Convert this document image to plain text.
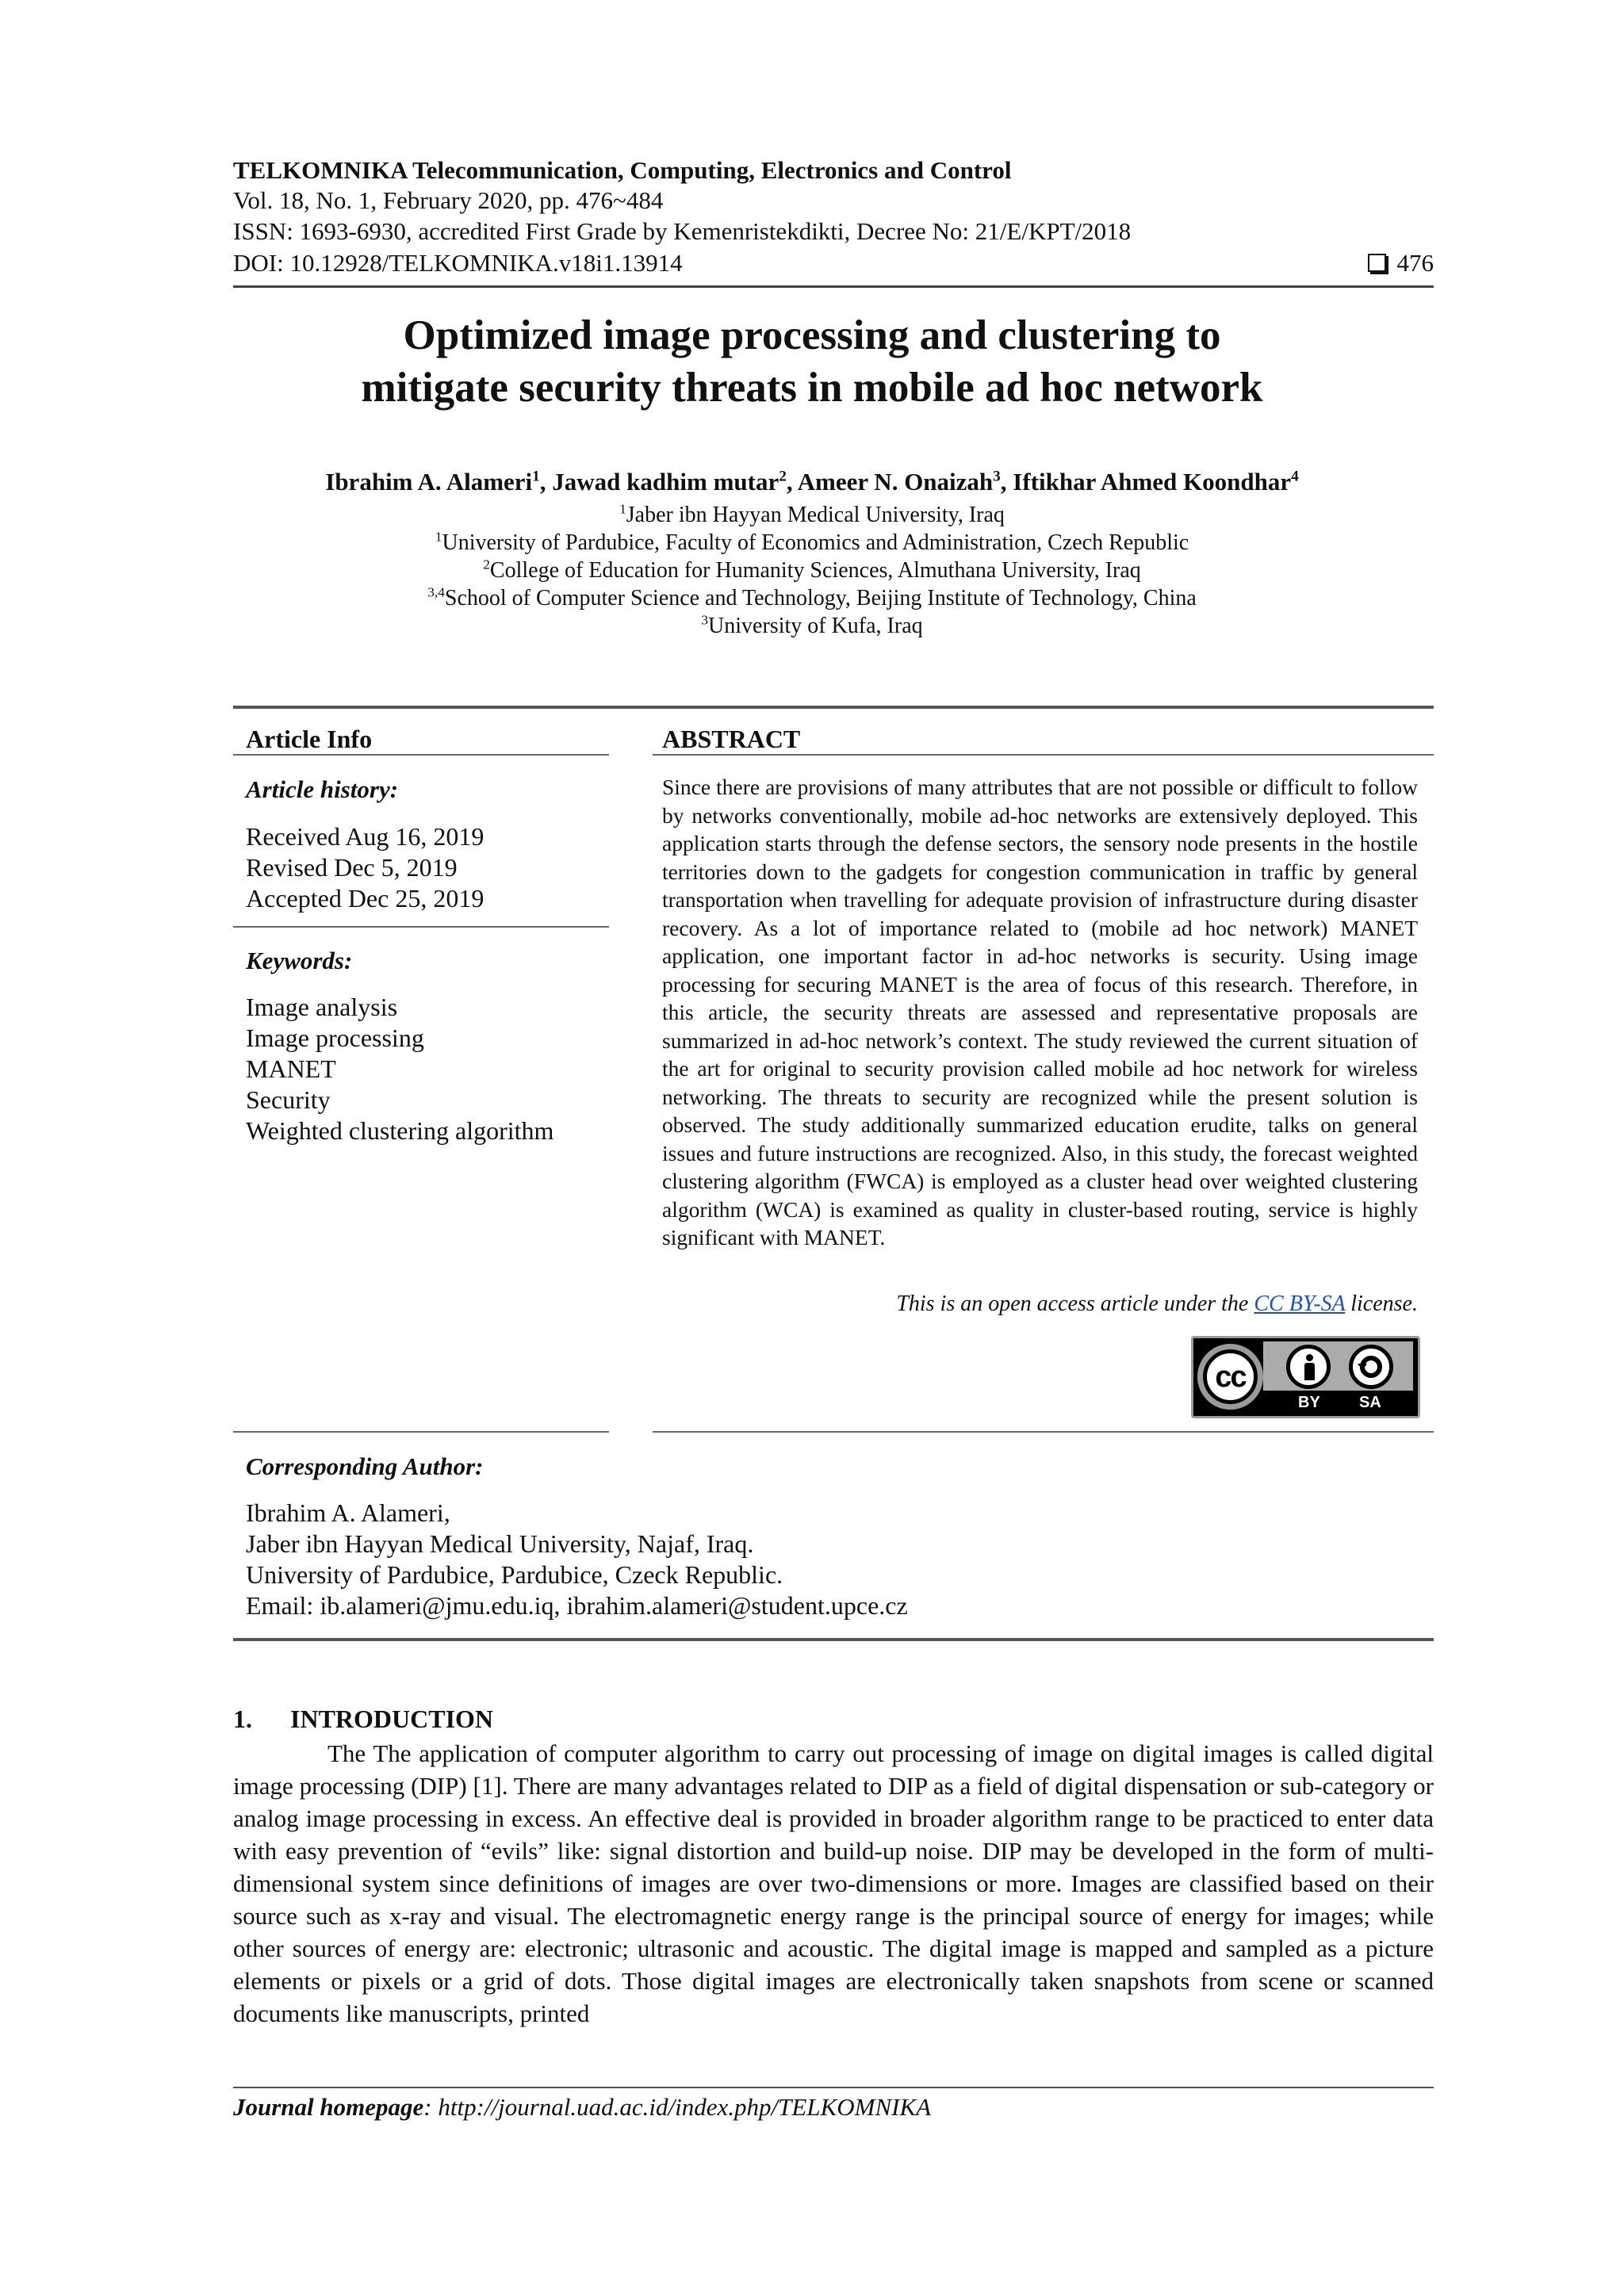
TELKOMNIKA Telecommunication, Computing, Electronics and Control
Vol. 18, No. 1, February 2020, pp. 476~484
ISSN: 1693-6930, accredited First Grade by Kemenristekdikti, Decree No: 21/E/KPT/2018
DOI: 10.12928/TELKOMNIKA.v18i1.13914	476
Optimized image processing and clustering to
mitigate security threats in mobile ad hoc network
Ibrahim A. Alameri$^1$, Jawad kadhim mutar$^2$, Ameer N. Onaizah$^3$, Iftikhar Ahmed Koondhar$^4$
$^1$Jaber ibn Hayyan Medical University, Iraq
$^1$University of Pardubice, Faculty of Economics and Administration, Czech Republic
$^2$College of Education for Humanity Sciences, Almuthana University, Iraq
$^{3,4}$School of Computer Science and Technology, Beijing Institute of Technology, China
$^3$University of Kufa, Iraq
Article Info
Article history:
Received Aug 16, 2019
Revised Dec 5, 2019
Accepted Dec 25, 2019
Keywords:
Image analysis
Image processing
MANET
Security
Weighted clustering algorithm
ABSTRACT
Since there are provisions of many attributes that are not possible or difficult to follow by networks conventionally, mobile ad-hoc networks are extensively deployed. This application starts through the defense sectors, the sensory node presents in the hostile territories down to the gadgets for congestion communication in traffic by general transportation when travelling for adequate provision of infrastructure during disaster recovery. As a lot of importance related to (mobile ad hoc network) MANET application, one important factor in ad-hoc networks is security. Using image processing for securing MANET is the area of focus of this research. Therefore, in this article, the security threats are assessed and representative proposals are summarized in ad-hoc network’s context. The study reviewed the current situation of the art for original to security provision called mobile ad hoc network for wireless networking. The threats to security are recognized while the present solution is observed. The study additionally summarized education erudite, talks on general issues and future instructions are recognized. Also, in this study, the forecast weighted clustering algorithm (FWCA) is employed as a cluster head over weighted clustering algorithm (WCA) is examined as quality in cluster-based routing, service is highly significant with MANET.
This is an open access article under the CC BY-SA license.
cc
BY SA
Corresponding Author:
Ibrahim A. Alameri,
Jaber ibn Hayyan Medical University, Najaf, Iraq.
University of Pardubice, Pardubice, Czeck Republic.
Email: ib.alameri@jmu.edu.iq, ibrahim.alameri@student.upce.cz
1. INTRODUCTION
The The application of computer algorithm to carry out processing of image on digital images is called digital image processing (DIP) [1]. There are many advantages related to DIP as a field of digital dispensation or sub-category or analog image processing in excess. An effective deal is provided in broader algorithm range to be practiced to enter data with easy prevention of “evils” like: signal distortion and build-up noise. DIP may be developed in the form of multi-dimensional system since definitions of images are over two-dimensions or more. Images are classified based on their source such as x-ray and visual. The electromagnetic energy range is the principal source of energy for images; while other sources of energy are: electronic; ultrasonic and acoustic. The digital image is mapped and sampled as a picture elements or pixels or a grid of dots. Those digital images are electronically taken snapshots from scene or scanned documents like manuscripts, printed
Journal homepage: http://journal.uad.ac.id/index.php/TELKOMNIKA
